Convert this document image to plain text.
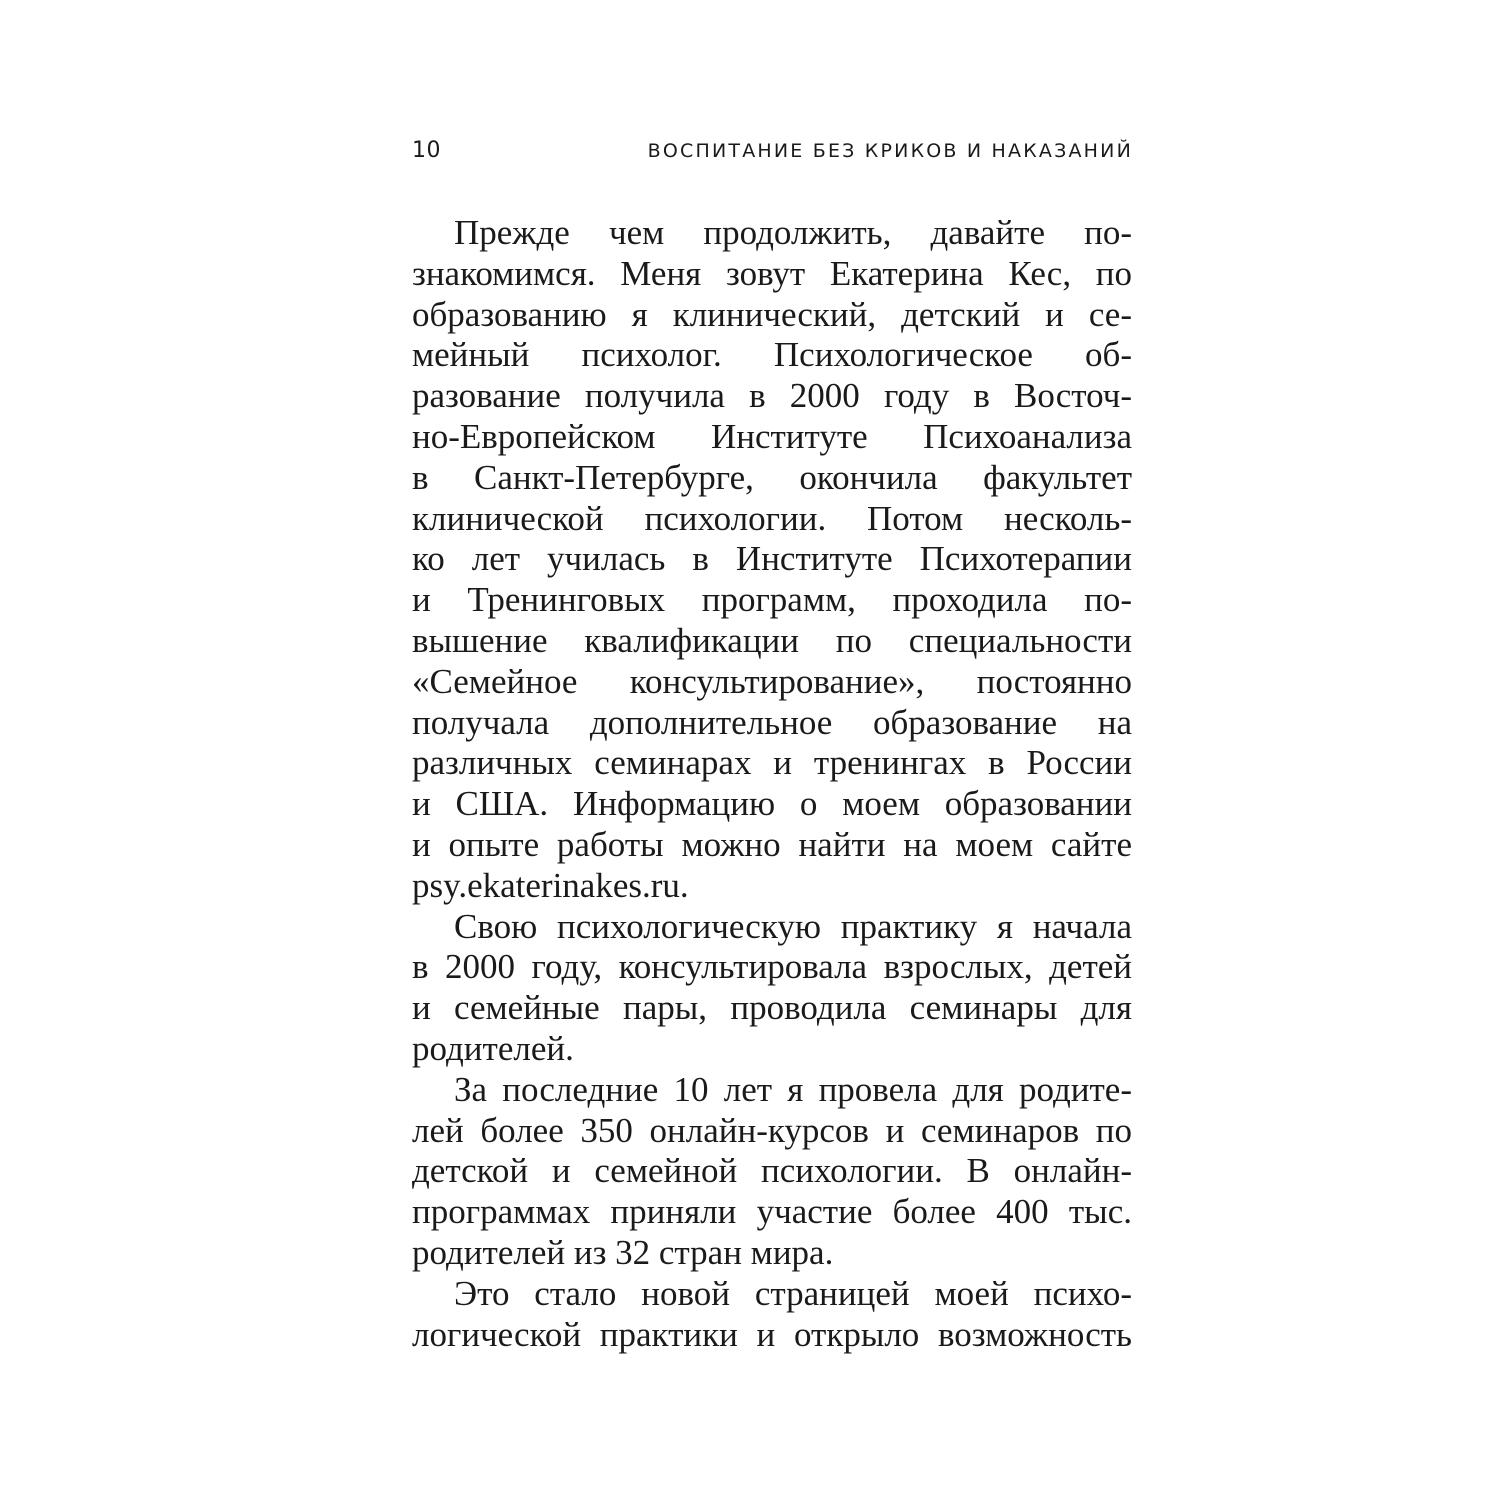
10	ВОСПИТАНИЕ БЕЗ КРИКОВ И НАКАЗАНИЙ
Прежде чем продолжить, давайте по-
знакомимся. Меня зовут Екатерина Кес, по
образованию я клинический, детский и се-
мейный психолог. Психологическое об-
разование получила в 2000 году в Восточ-
но-Европейском Институте Психоанализа
в Санкт-Петербурге, окончила факультет
клинической психологии. Потом несколь-
ко лет училась в Институте Психотерапии
и Тренинговых программ, проходила по-
вышение квалификации по специальности
«Семейное консультирование», постоянно
получала дополнительное образование на
различных семинарах и тренингах в России
и США. Информацию о моем образовании
и опыте работы можно найти на моем сайте
psy.ekaterinakes.ru.
Свою психологическую практику я начала
в 2000 году, консультировала взрослых, детей
и семейные пары, проводила семинары для
родителей.
За последние 10 лет я провела для родите-
лей более 350 онлайн-курсов и семинаров по
детской и семейной психологии. В онлайн-
программах приняли участие более 400 тыс.
родителей из 32 стран мира.
Это стало новой страницей моей психо-
логической практики и открыло возможность
